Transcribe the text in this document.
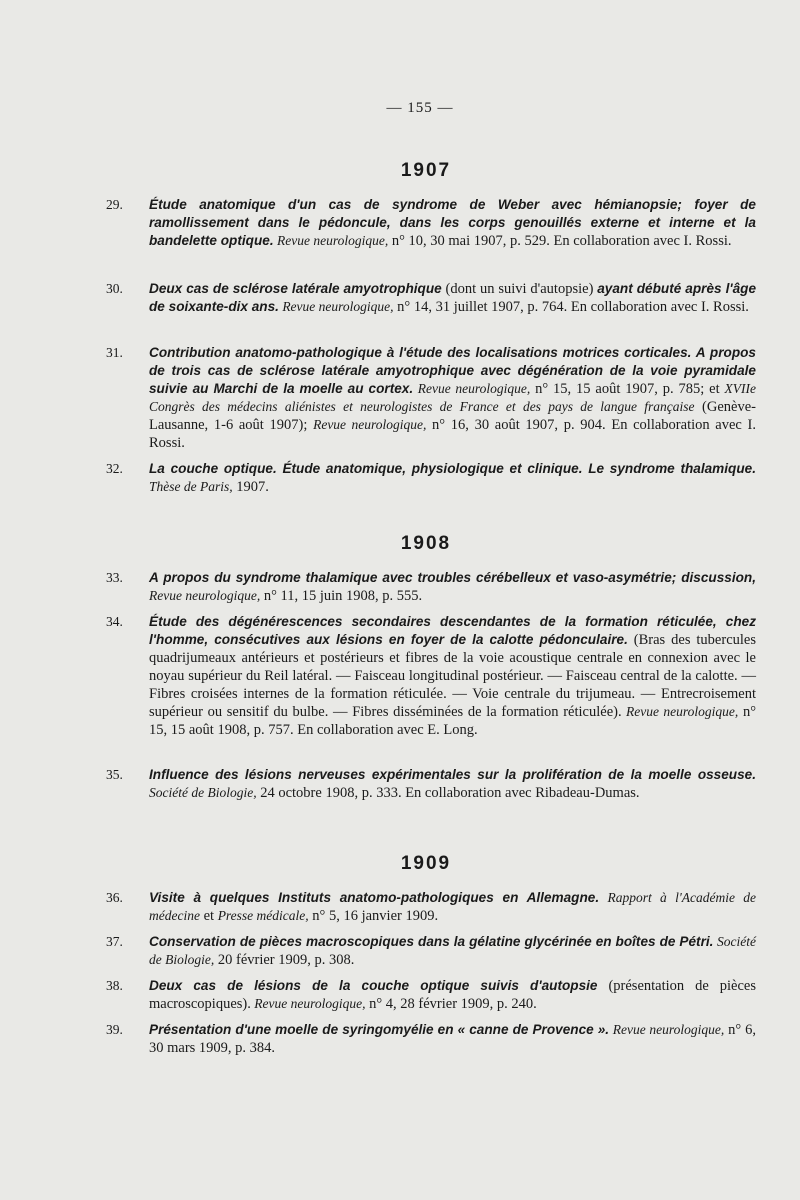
— 155 —
1907
29. Étude anatomique d'un cas de syndrome de Weber avec hémianopsie; foyer de ramollissement dans le pédoncule, dans les corps genouillés externe et interne et la bandelette optique. Revue neurologique, n° 10, 30 mai 1907, p. 529. En collaboration avec I. Rossi.
30. Deux cas de sclérose latérale amyotrophique (dont un suivi d'autopsie) ayant débuté après l'âge de soixante-dix ans. Revue neurologique, n° 14, 31 juillet 1907, p. 764. En collaboration avec I. Rossi.
31. Contribution anatomo-pathologique à l'étude des localisations motrices corticales. A propos de trois cas de sclérose latérale amyotrophique avec dégénération de la voie pyramidale suivie au Marchi de la moelle au cortex. Revue neurologique, n° 15, 15 août 1907, p. 785; et XVIIe Congrès des médecins aliénistes et neurologistes de France et des pays de langue française (Genève-Lausanne, 1-6 août 1907); Revue neurologique, n° 16, 30 août 1907, p. 904. En collaboration avec I. Rossi.
32. La couche optique. Étude anatomique, physiologique et clinique. Le syndrome thalamique. Thèse de Paris, 1907.
1908
33. A propos du syndrome thalamique avec troubles cérébelleux et vaso-asymétrie; discussion, Revue neurologique, n° 11, 15 juin 1908, p. 555.
34. Étude des dégénérescences secondaires descendantes de la formation réticulée, chez l'homme, consécutives aux lésions en foyer de la calotte pédonculaire. (Bras des tubercules quadrijumeaux antérieurs et postérieurs et fibres de la voie acoustique centrale en connexion avec le noyau supérieur du Reil latéral. — Faisceau longitudinal postérieur. — Faisceau central de la calotte. — Fibres croisées internes de la formation réticulée. — Voie centrale du trijumeau. — Entrecroisement supérieur ou sensitif du bulbe. — Fibres disséminées de la formation réticulée). Revue neurologique, n° 15, 15 août 1908, p. 757. En collaboration avec E. Long.
35. Influence des lésions nerveuses expérimentales sur la prolifération de la moelle osseuse. Société de Biologie, 24 octobre 1908, p. 333. En collaboration avec Ribadeau-Dumas.
1909
36. Visite à quelques Instituts anatomo-pathologiques en Allemagne. Rapport à l'Académie de médecine et Presse médicale, n° 5, 16 janvier 1909.
37. Conservation de pièces macroscopiques dans la gélatine glycérinée en boîtes de Pétri. Société de Biologie, 20 février 1909, p. 308.
38. Deux cas de lésions de la couche optique suivis d'autopsie (présentation de pièces macroscopiques). Revue neurologique, n° 4, 28 février 1909, p. 240.
39. Présentation d'une moelle de syringomyélie en « canne de Provence ». Revue neurologique, n° 6, 30 mars 1909, p. 384.
